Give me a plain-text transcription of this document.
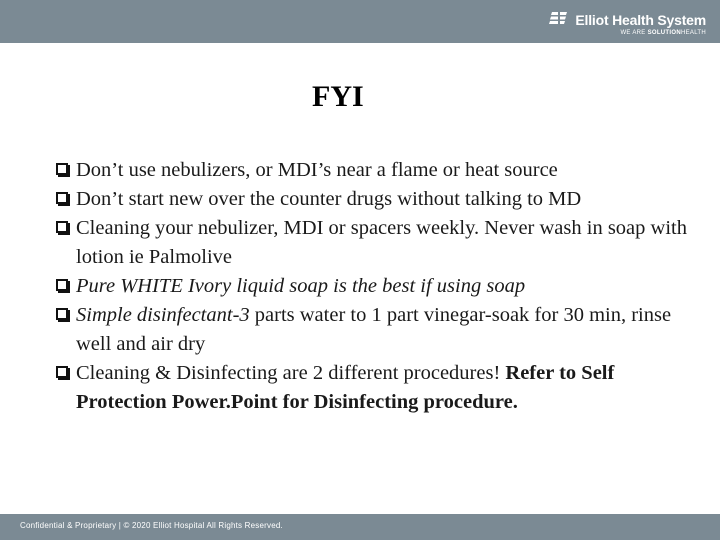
Elliot Health System
WE ARE SOLUTIONHEALTH
FYI
Don’t use nebulizers, or MDI’s near a flame or heat source
Don’t start new over the counter drugs without talking to MD
Cleaning your nebulizer, MDI or spacers weekly. Never wash in soap with lotion ie Palmolive
Pure WHITE Ivory liquid soap is the best if using soap
Simple disinfectant-3 parts water to 1 part vinegar-soak for 30 min, rinse well and air dry
Cleaning & Disinfecting are 2 different procedures! Refer to Self Protection Power.Point for Disinfecting procedure.
Confidential & Proprietary | © 2020 Elliot Hospital All Rights Reserved.
